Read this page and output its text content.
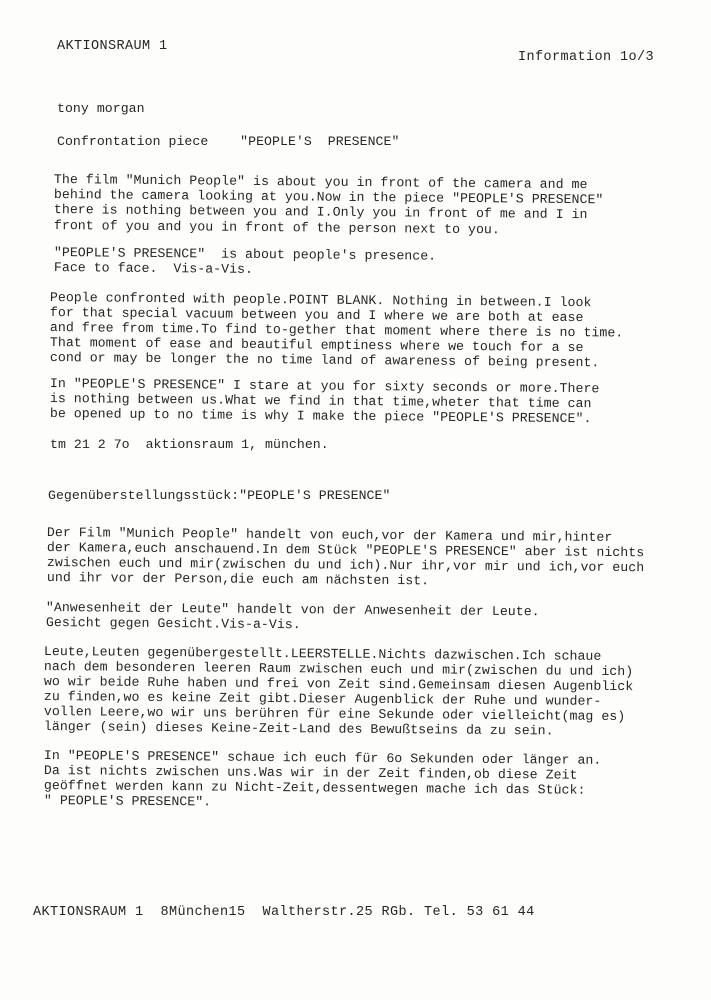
AKTIONSRAUM 1
Information 1o/3
tony morgan
Confrontation piece    "PEOPLE'S  PRESENCE"
The film "Munich People" is about you in front of the camera and me
behind the camera looking at you.Now in the piece "PEOPLE'S PRESENCE"
there is nothing between you and I.Only you in front of me and I in
front of you and you in front of the person next to you.
"PEOPLE'S PRESENCE"  is about people's presence.
Face to face.  Vis-a-Vis.
People confronted with people.POINT BLANK. Nothing in between.I look
for that special vacuum between you and I where we are both at ease
and free from time.To find to-gether that moment where there is no time.
That moment of ease and beautiful emptiness where we touch for a se
cond or may be longer the no time land of awareness of being present.
In "PEOPLE'S PRESENCE" I stare at you for sixty seconds or more.There
is nothing between us.What we find in that time,wheter that time can
be opened up to no time is why I make the piece "PEOPLE'S PRESENCE".
tm 21 2 7o  aktionsraum 1, münchen.
Gegenüberstellungsstück:"PEOPLE'S PRESENCE"
Der Film "Munich People" handelt von euch,vor der Kamera und mir,hinter
der Kamera,euch anschauend.In dem Stück "PEOPLE'S PRESENCE" aber ist nichts
zwischen euch und mir(zwischen du und ich).Nur ihr,vor mir und ich,vor euch
und ihr vor der Person,die euch am nächsten ist.
"Anwesenheit der Leute" handelt von der Anwesenheit der Leute.
Gesicht gegen Gesicht.Vis-a-Vis.
Leute,Leuten gegenübergestellt.LEERSTELLE.Nichts dazwischen.Ich schaue
nach dem besonderen leeren Raum zwischen euch und mir(zwischen du und ich)
wo wir beide Ruhe haben und frei von Zeit sind.Gemeinsam diesen Augenblick
zu finden,wo es keine Zeit gibt.Dieser Augenblick der Ruhe und wunder-
vollen Leere,wo wir uns berühren für eine Sekunde oder vielleicht(mag es)
länger (sein) dieses Keine-Zeit-Land des Bewußtseins da zu sein.
In "PEOPLE'S PRESENCE" schaue ich euch für 6o Sekunden oder länger an.
Da ist nichts zwischen uns.Was wir in der Zeit finden,ob diese Zeit
geöffnet werden kann zu Nicht-Zeit,dessentwegen mache ich das Stück:
" PEOPLE'S PRESENCE".
AKTIONSRAUM 1  8München15  Waltherstr.25 RGb. Tel. 53 61 44
